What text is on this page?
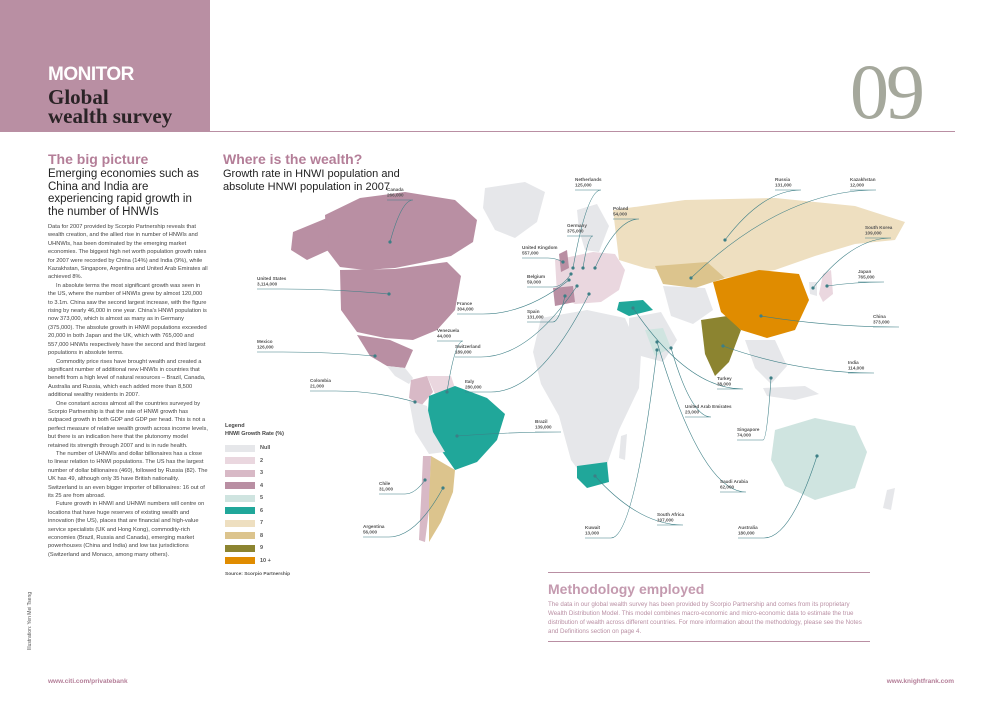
MONITOR
Global
wealth survey	09
The big picture
Emerging economies such as China and India are experiencing rapid growth in the number of HNWIs

Data for 2007 provided by Scorpio Partnership reveals that wealth creation, and the allied rise in number of HNWIs and UHNWIs, has been dominated by the emerging market economies. The biggest high net worth population growth rates for 2007 were recorded by China (14%) and India (9%), while Kazakhstan, Singapore, Argentina and United Arab Emirates all achieved 8%.

In absolute terms the most significant growth was seen in the US, where the number of HNWIs grew by almost 120,000 to 3.1m. China saw the second largest increase, with the figure rising by nearly 46,000 in one year. China's HNWI population is now 373,000, which is almost as many as in Germany (375,000). The absolute growth in HNWI populations exceeded 20,000 in both Japan and the UK, which with 765,000 and 557,000 HNWIs respectively have the second and third largest populations in absolute terms.

Commodity price rises have brought wealth and created a significant number of additional new HNWIs in countries that benefit from a high level of natural resources – Brazil, Canada, Australia and Russia, which each added more than 8,500 additional wealthy residents in 2007.

One constant across almost all the countries surveyed by Scorpio Partnership is that the rate of HNWI growth has outpaced growth in both GDP and GDP per head. This is not a perfect measure of relative wealth growth across income levels, but there is an indication here that the plutonomy model retained its strength through 2007 and is in rude health.

The number of UHNWIs and dollar billionaires has a close to linear relation to HNWI populations. The US has the largest number of dollar billionaires (460), followed by Russia (82). The UK has 49, although only 35 have British nationality. Switzerland is an even bigger importer of billionaires: 16 out of its 25 are from abroad.

Future growth in HNWI and UHNWI numbers will centre on locations that have huge reserves of existing wealth and innovation (the US), places that are financial and high-value service specialists (UK and Hong Kong), commodity-rich economies (Brazil, Russia and Canada), emerging market powerhouses (China and India) and low tax jurisdictions (Switzerland and Monaco, among many others).

Illustration: Yen Mei Tseng
Where is the wealth?
Growth rate in HNWI population and absolute HNWI population in 2007
Canada
266,000
United States
3,114,000
Mexico
126,000
Colombia
21,000
Venezuela
44,000
Brazil
139,000
Chile
31,000
Argentina
56,000
Netherlands
125,000
Germany
375,000
United Kingdom
557,000
Belgium
59,000
France
304,000	Spain
131,000
Switzerland
189,000
Italy
280,000
Poland
54,000
Russia
131,000
Kazakhstan
12,000
South Korea
109,000
Japan
765,000
China
373,000
India
114,000
Turkey
38,000
United Arab Emirates
23,000
Singapore
74,000
Saudi Arabia
62,000
South Africa
107,000
Kuwait
13,000
Australia
180,000
Legend
HNWI Growth Rate (%)
Null
2
3
4
5
6
7
8
9
10 +
Source: Scorpio Partnership
Methodology employed
The data in our global wealth survey has been provided by Scorpio Partnership and comes from its proprietary Wealth Distribution Model. This model combines macro-economic and micro-economic data to estimate the true distribution of wealth across different countries. For more information about the methodology, please see the Notes and Definitions section on page 4.
www.citi.com/privatebank	www.knightfrank.com
